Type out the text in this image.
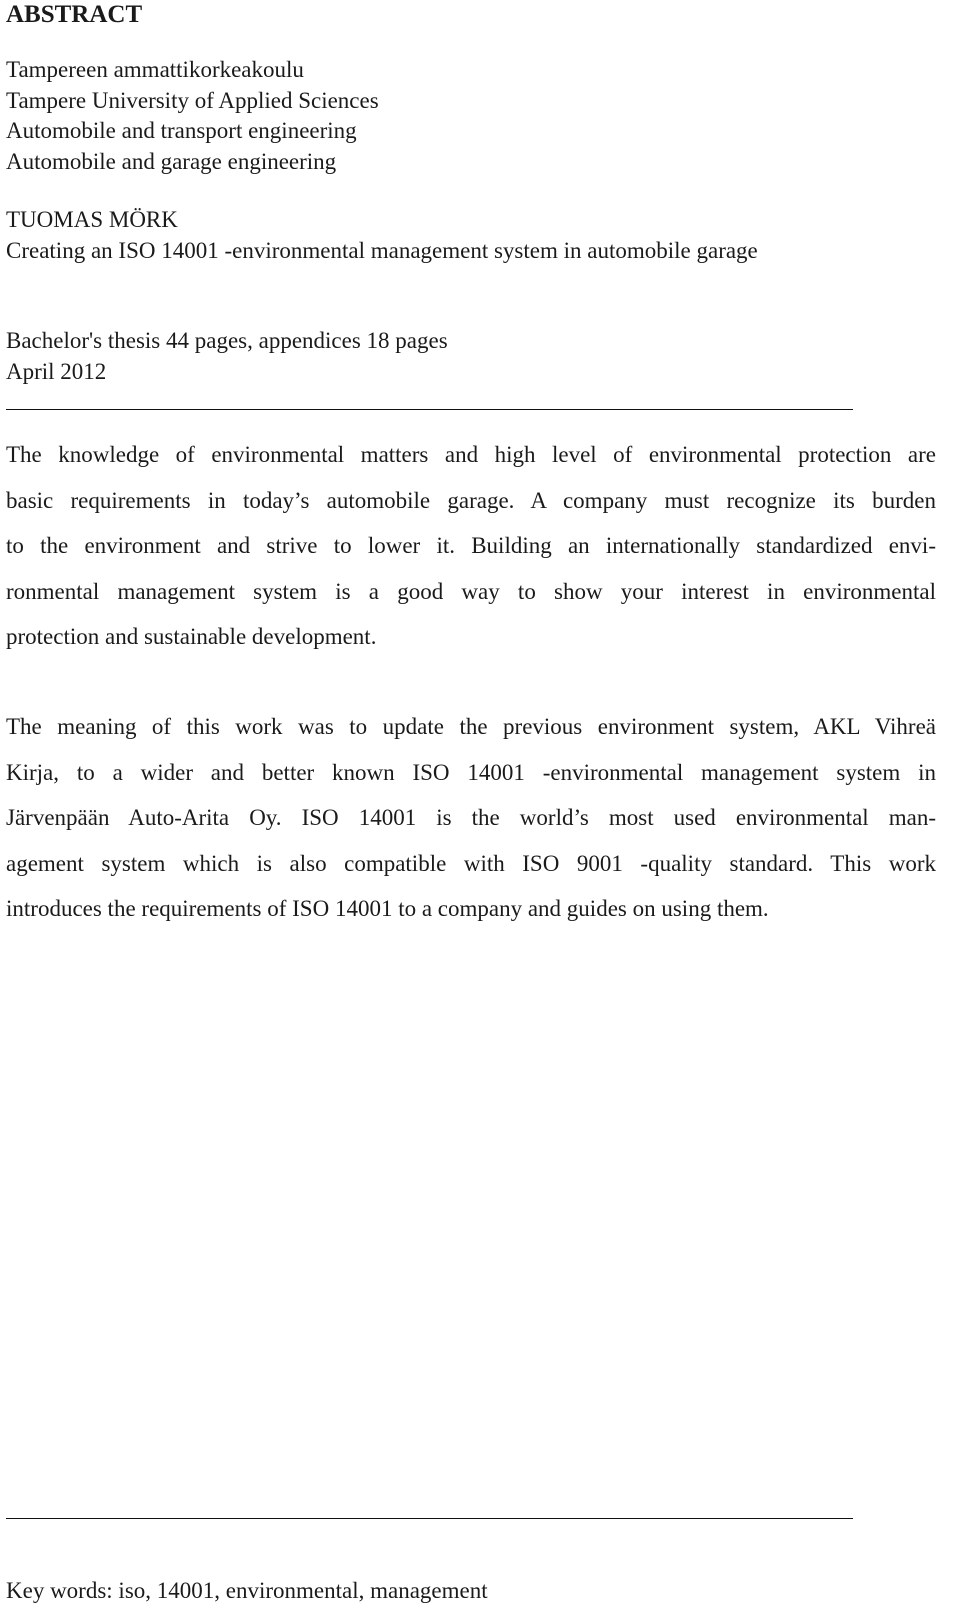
ABSTRACT
Tampereen ammattikorkeakoulu
Tampere University of Applied Sciences
Automobile and transport engineering
Automobile and garage engineering
TUOMAS MÖRK
Creating an ISO 14001 -environmental management system in automobile garage
Bachelor's thesis 44 pages, appendices 18 pages
April 2012
The knowledge of environmental matters and high level of environmental protection are
basic requirements in today’s automobile garage. A company must recognize its burden
to the environment and strive to lower it. Building an internationally standardized envi-
ronmental management system is a good way to show your interest in environmental
protection and sustainable development.
The meaning of this work was to update the previous environment system, AKL Vihreä
Kirja, to a wider and better known ISO 14001 -environmental management system in
Järvenpään Auto-Arita Oy. ISO 14001 is the world’s most used environmental man-
agement system which is also compatible with ISO 9001 -quality standard. This work
introduces the requirements of ISO 14001 to a company and guides on using them.
Key words: iso, 14001, environmental, management
